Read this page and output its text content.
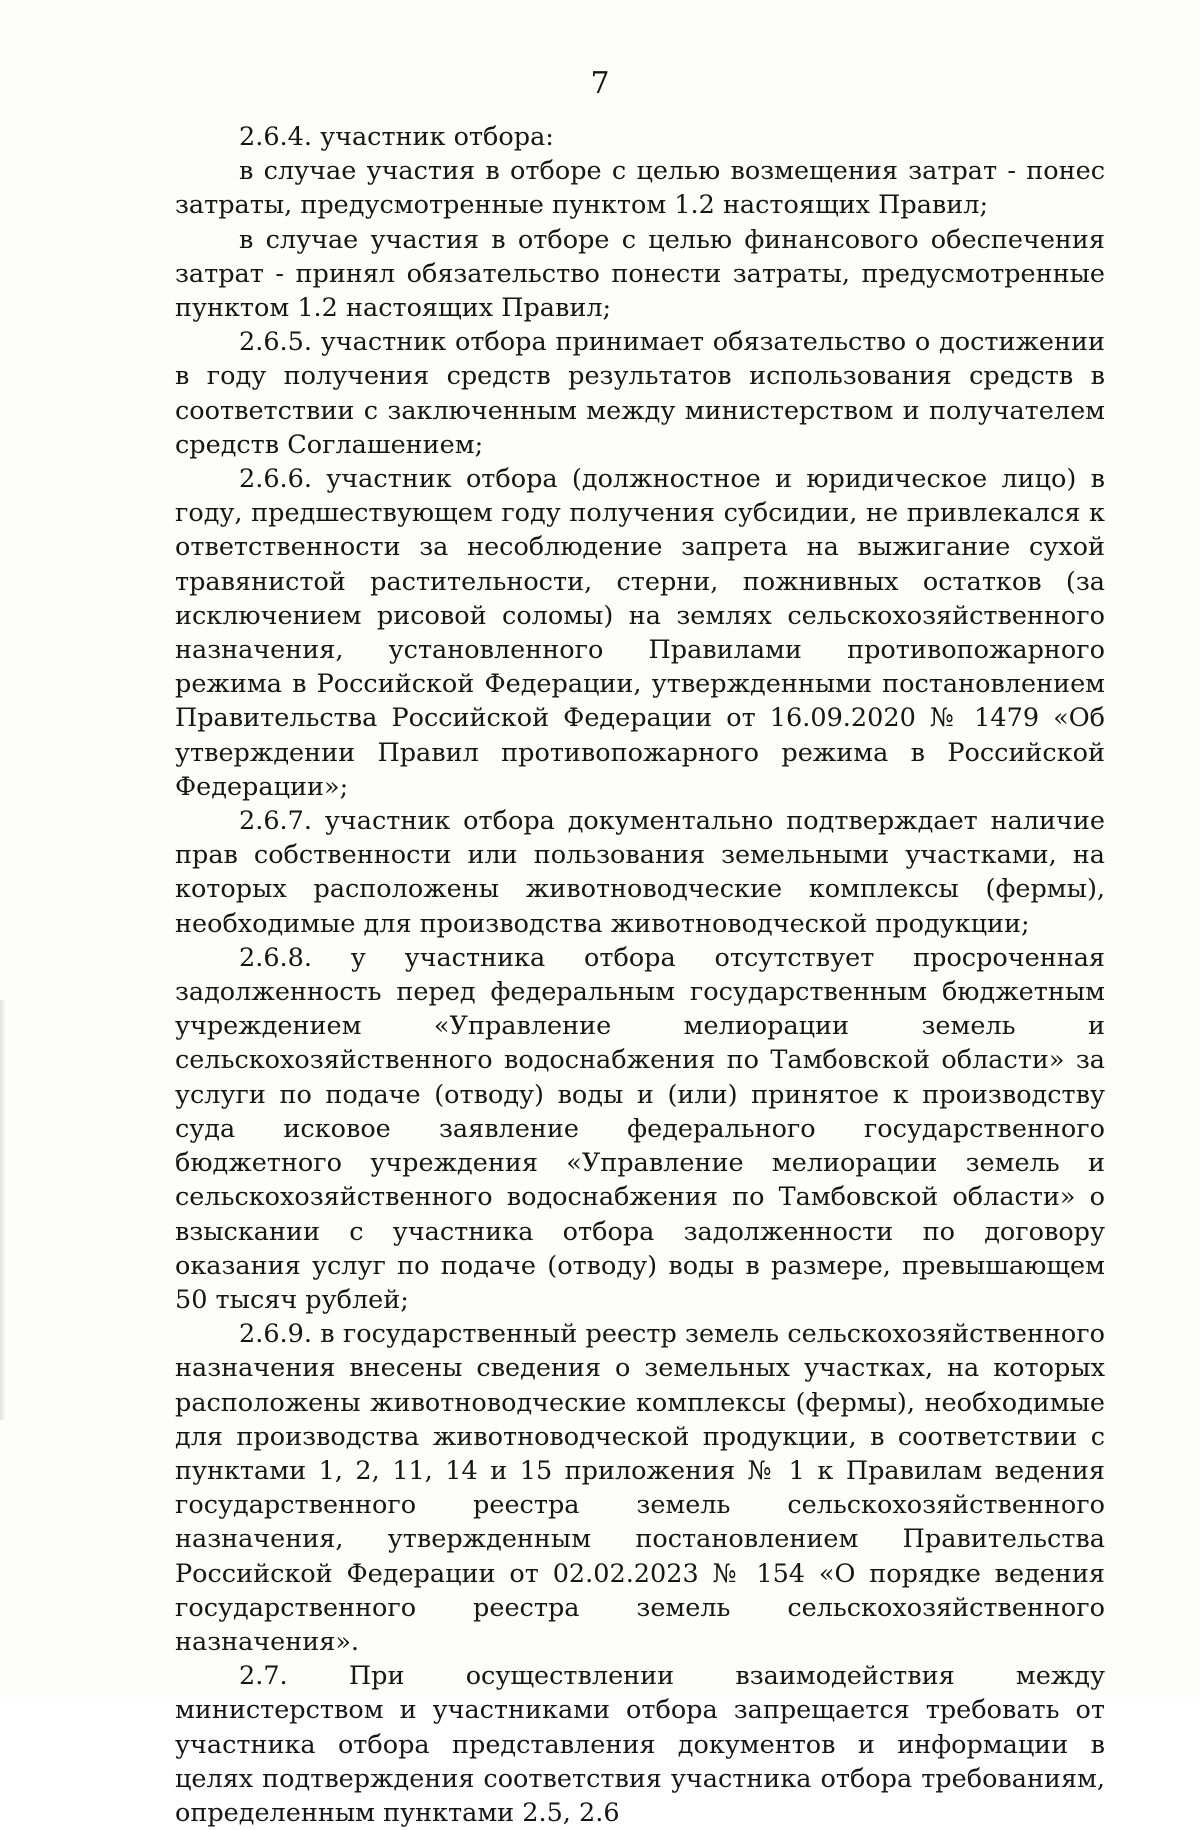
7

2.6.4. участник отбора:

в случае участия в отборе с целью возмещения затрат - понес затраты, предусмотренные пунктом 1.2 настоящих Правил;

в случае участия в отборе с целью финансового обеспечения затрат - принял обязательство понести затраты, предусмотренные пунктом 1.2 настоящих Правил;

2.6.5. участник отбора принимает обязательство о достижении в году получения средств результатов использования средств в соответствии с заключенным между министерством и получателем средств Соглашением;

2.6.6. участник отбора (должностное и юридическое лицо) в году, предшествующем году получения субсидии, не привлекался к ответственности за несоблюдение запрета на выжигание сухой травянистой растительности, стерни, пожнивных остатков (за исключением рисовой соломы) на землях сельскохозяйственного назначения, установленного Правилами противопожарного режима в Российской Федерации, утвержденными постановлением Правительства Российской Федерации от 16.09.2020 № 1479 «Об утверждении Правил противопожарного режима в Российской Федерации»;

2.6.7. участник отбора документально подтверждает наличие прав собственности или пользования земельными участками, на которых расположены животноводческие комплексы (фермы), необходимые для производства животноводческой продукции;

2.6.8. у участника отбора отсутствует просроченная задолженность перед федеральным государственным бюджетным учреждением «Управление мелиорации земель и сельскохозяйственного водоснабжения по Тамбовской области» за услуги по подаче (отводу) воды и (или) принятое к производству суда исковое заявление федерального государственного бюджетного учреждения «Управление мелиорации земель и сельскохозяйственного водоснабжения по Тамбовской области» о взыскании с участника отбора задолженности по договору оказания услуг по подаче (отводу) воды в размере, превышающем 50 тысяч рублей;

2.6.9. в государственный реестр земель сельскохозяйственного назначения внесены сведения о земельных участках, на которых расположены животноводческие комплексы (фермы), необходимые для производства животноводческой продукции, в соответствии с пунктами 1, 2, 11, 14 и 15 приложения № 1 к Правилам ведения государственного реестра земель сельскохозяйственного назначения, утвержденным постановлением Правительства Российской Федерации от 02.02.2023 № 154 «О порядке ведения государственного реестра земель сельскохозяйственного назначения».

2.7. При осуществлении взаимодействия между министерством и участниками отбора запрещается требовать от участника отбора представления документов и информации в целях подтверждения соответствия участника отбора требованиям, определенным пунктами 2.5, 2.6
